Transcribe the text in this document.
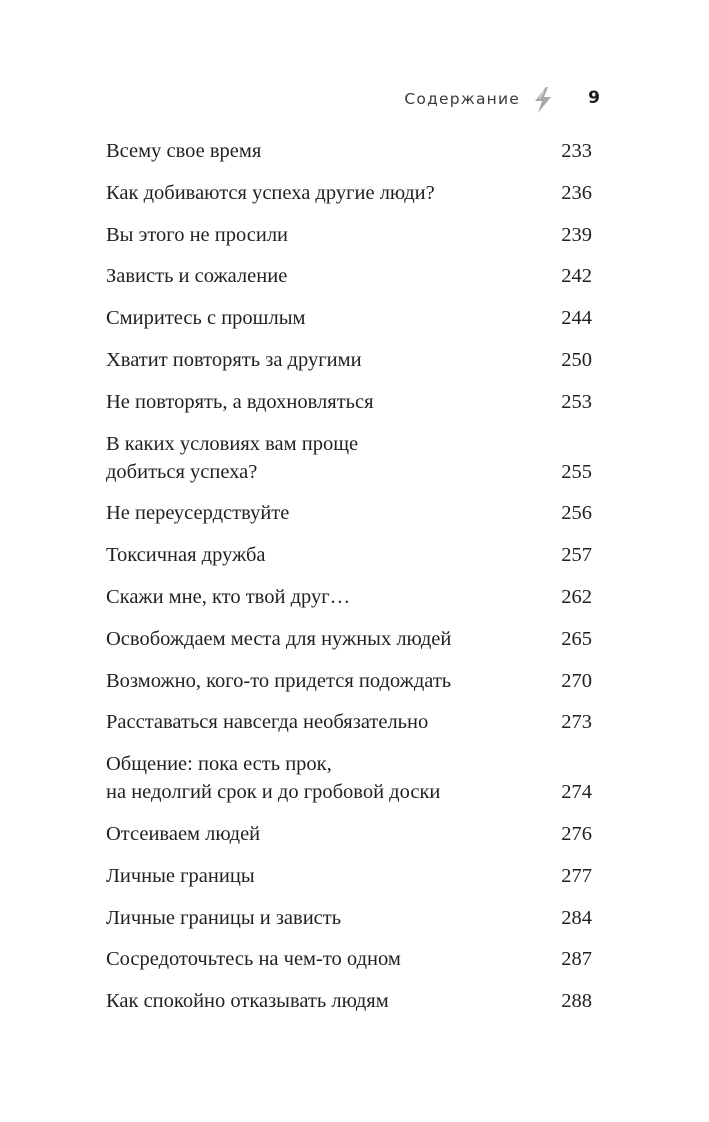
Содержание	9
Всему свое время	233
Как добиваются успеха другие люди?	236
Вы этого не просили	239
Зависть и сожаление	242
Смиритесь с прошлым	244
Хватит повторять за другими	250
Не повторять, а вдохновляться	253
В каких условиях вам проще
добиться успеха?	255
Не переусердствуйте	256
Токсичная дружба	257
Скажи мне, кто твой друг…	262
Освобождаем места для нужных людей	265
Возможно, кого-то придется подождать	270
Расставаться навсегда необязательно	273
Общение: пока есть прок,
на недолгий срок и до гробовой доски	274
Отсеиваем людей	276
Личные границы	277
Личные границы и зависть	284
Сосредоточьтесь на чем-то одном	287
Как спокойно отказывать людям	288
